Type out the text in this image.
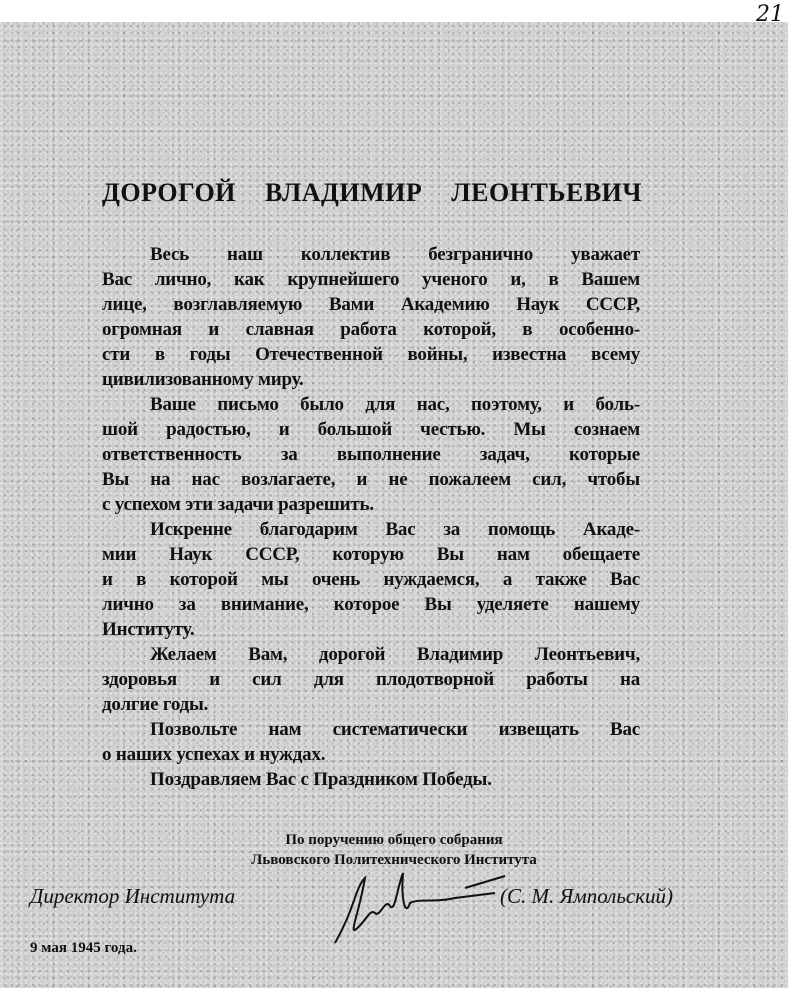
21
ДОРОГОЙ ВЛАДИМИР ЛЕОНТЬЕВИЧ
Весь наш коллектив безгранично уважает
Вас лично, как крупнейшего ученого и, в Вашем
лице, возглавляемую Вами Академию Наук СССР,
огромная и славная работа которой, в особенно-
сти в годы Отечественной войны, известна всему
цивилизованному миру.
Ваше письмо было для нас, поэтому, и боль-
шой радостью, и большой честью. Мы сознаем
ответственность за выполнение задач, которые
Вы на нас возлагаете, и не пожалеем сил, чтобы
с успехом эти задачи разрешить.
Искренне благодарим Вас за помощь Акаде-
мии Наук СССР, которую Вы нам обещаете
и в которой мы очень нуждаемся, а также Вас
лично за внимание, которое Вы уделяете нашему
Институту.
Желаем Вам, дорогой Владимир Леонтьевич,
здоровья и сил для плодотворной работы на
долгие годы.
Позвольте нам систематически извещать Вас
о наших успехах и нуждах.
Поздравляем Вас с Праздником Победы.
По поручению общего собрания
Львовского Политехнического Института
Директор Института	(С. М. Ямпольский)
9 мая 1945 года.
